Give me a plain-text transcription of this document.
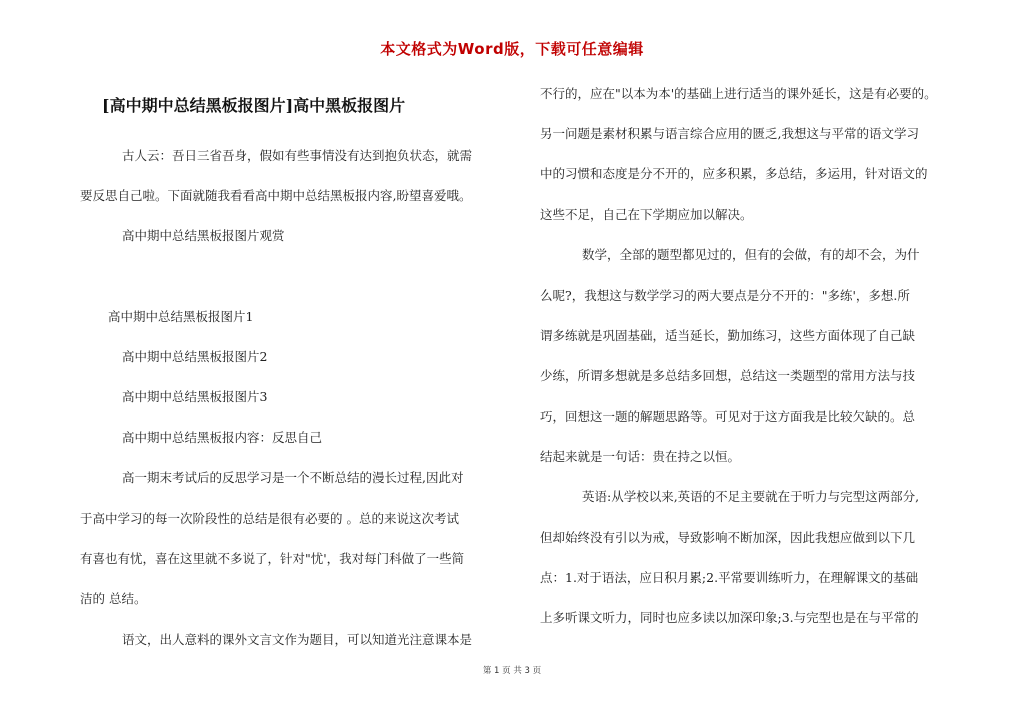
本文格式为Word版，下载可任意编辑
[高中期中总结黑板报图片]高中黑板报图片
古人云：吾日三省吾身，假如有些事情没有达到抱负状态，就需
要反思自己啦。下面就随我看看高中期中总结黑板报内容,盼望喜爱哦。
高中期中总结黑板报图片观赏
高中期中总结黑板报图片1
高中期中总结黑板报图片2
高中期中总结黑板报图片3
高中期中总结黑板报内容：反思自己
高一期末考试后的反思学习是一个不断总结的漫长过程,因此对
于高中学习的每一次阶段性的总结是很有必要的 。总的来说这次考试
有喜也有忧，喜在这里就不多说了，针对"忧'，我对每门科做了一些简
洁的 总结。
语文，出人意料的课外文言文作为题目，可以知道光注意课本是
不行的，应在"以本为本'的基础上进行适当的课外延长，这是有必要的。
另一问题是素材积累与语言综合应用的匮乏,我想这与平常的语文学习
中的习惯和态度是分不开的，应多积累，多总结，多运用，针对语文的
这些不足，自己在下学期应加以解决。
数学，全部的题型都见过的，但有的会做，有的却不会，为什
么呢?，我想这与数学学习的两大要点是分不开的："多练'，多想.所
谓多练就是巩固基础，适当延长，勤加练习，这些方面体现了自己缺
少练，所谓多想就是多总结多回想，总结这一类题型的常用方法与技
巧，回想这一题的解题思路等。可见对于这方面我是比较欠缺的。总
结起来就是一句话：贵在持之以恒。
英语:从学校以来,英语的不足主要就在于听力与完型这两部分,
但却始终没有引以为戒，导致影响不断加深，因此我想应做到以下几
点：1.对于语法，应日积月累;2.平常要训练听力，在理解课文的基础
上多听课文听力，同时也应多读以加深印象;3.与完型也是在与平常的
第 1 页 共 3 页
